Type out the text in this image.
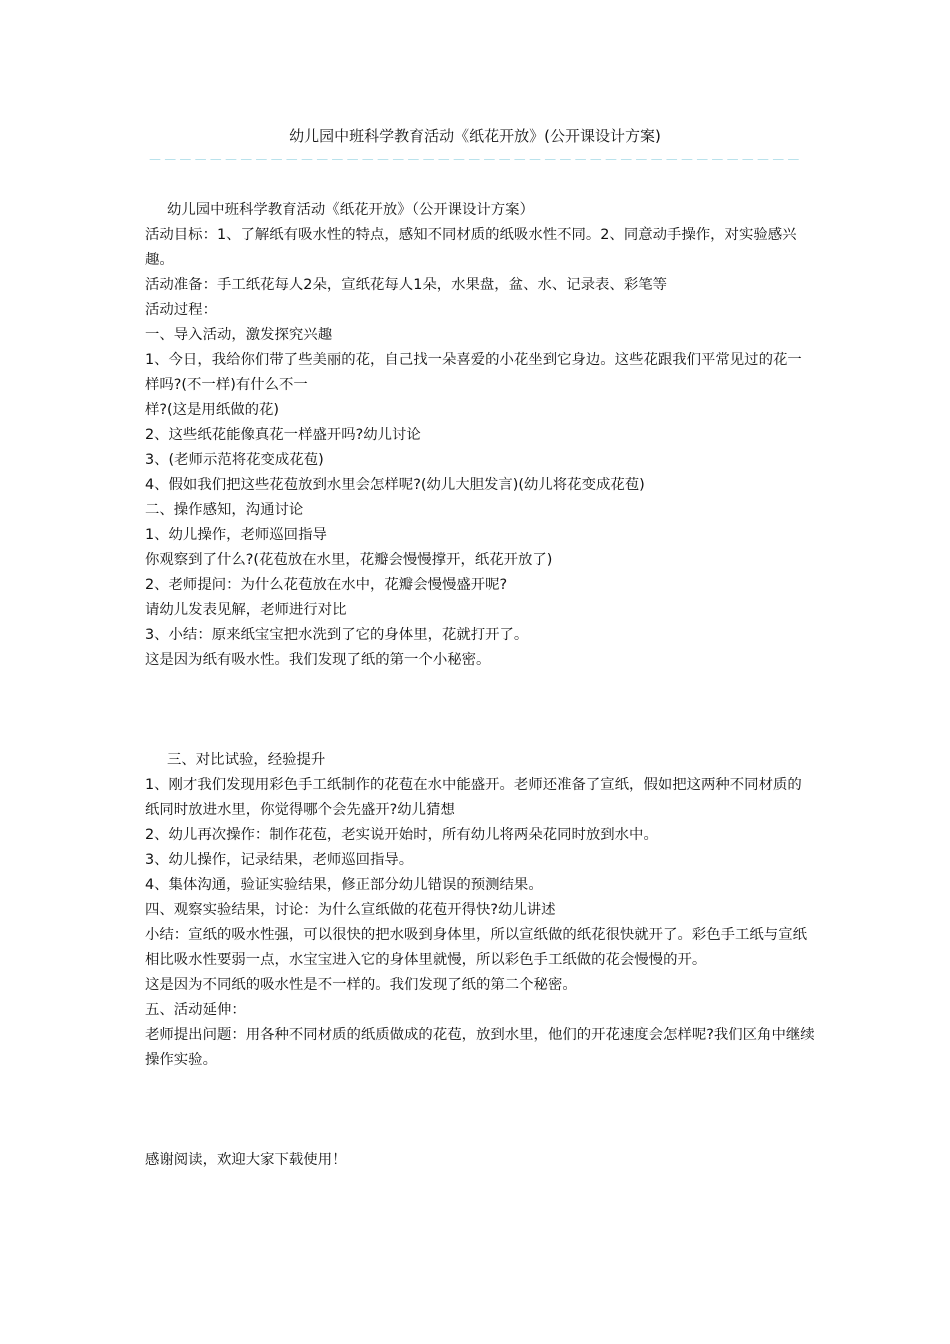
幼儿园中班科学教育活动《纸花开放》(公开课设计方案)
－－－－－－－－－－－－－－－－－－－－－－－－－－－－－－－－－－－－－－－－－－－

幼儿园中班科学教育活动《纸花开放》（公开课设计方案）

活动目标：1、了解纸有吸水性的特点，感知不同材质的纸吸水性不同。2、同意动手操作，对实验感兴趣。

活动准备：手工纸花每人2朵，宣纸花每人1朵，水果盘，盆、水、记录表、彩笔等

活动过程：

一、导入活动，激发探究兴趣

1、今日，我给你们带了些美丽的花，自己找一朵喜爱的小花坐到它身边。这些花跟我们平常见过的花一样吗?(不一样)有什么不一

样?(这是用纸做的花)

2、这些纸花能像真花一样盛开吗?幼儿讨论

3、(老师示范将花变成花苞)

4、假如我们把这些花苞放到水里会怎样呢?(幼儿大胆发言)(幼儿将花变成花苞)

二、操作感知，沟通讨论

1、幼儿操作，老师巡回指导

你观察到了什么?(花苞放在水里，花瓣会慢慢撑开，纸花开放了)

2、老师提问：为什么花苞放在水中，花瓣会慢慢盛开呢?

请幼儿发表见解，老师进行对比

3、小结：原来纸宝宝把水洗到了它的身体里，花就打开了。

这是因为纸有吸水性。我们发现了纸的第一个小秘密。

三、对比试验，经验提升

1、刚才我们发现用彩色手工纸制作的花苞在水中能盛开。老师还准备了宣纸，假如把这两种不同材质的纸同时放进水里，你觉得哪个会先盛开?幼儿猜想

2、幼儿再次操作：制作花苞，老实说开始时，所有幼儿将两朵花同时放到水中。

3、幼儿操作，记录结果，老师巡回指导。

4、集体沟通，验证实验结果，修正部分幼儿错误的预测结果。

四、观察实验结果，讨论：为什么宣纸做的花苞开得快?幼儿讲述

小结：宣纸的吸水性强，可以很快的把水吸到身体里，所以宣纸做的纸花很快就开了。彩色手工纸与宣纸相比吸水性要弱一点，水宝宝进入它的身体里就慢，所以彩色手工纸做的花会慢慢的开。

这是因为不同纸的吸水性是不一样的。我们发现了纸的第二个秘密。

五、活动延伸：

老师提出问题：用各种不同材质的纸质做成的花苞，放到水里，他们的开花速度会怎样呢?我们区角中继续操作实验。

感谢阅读，欢迎大家下载使用！
